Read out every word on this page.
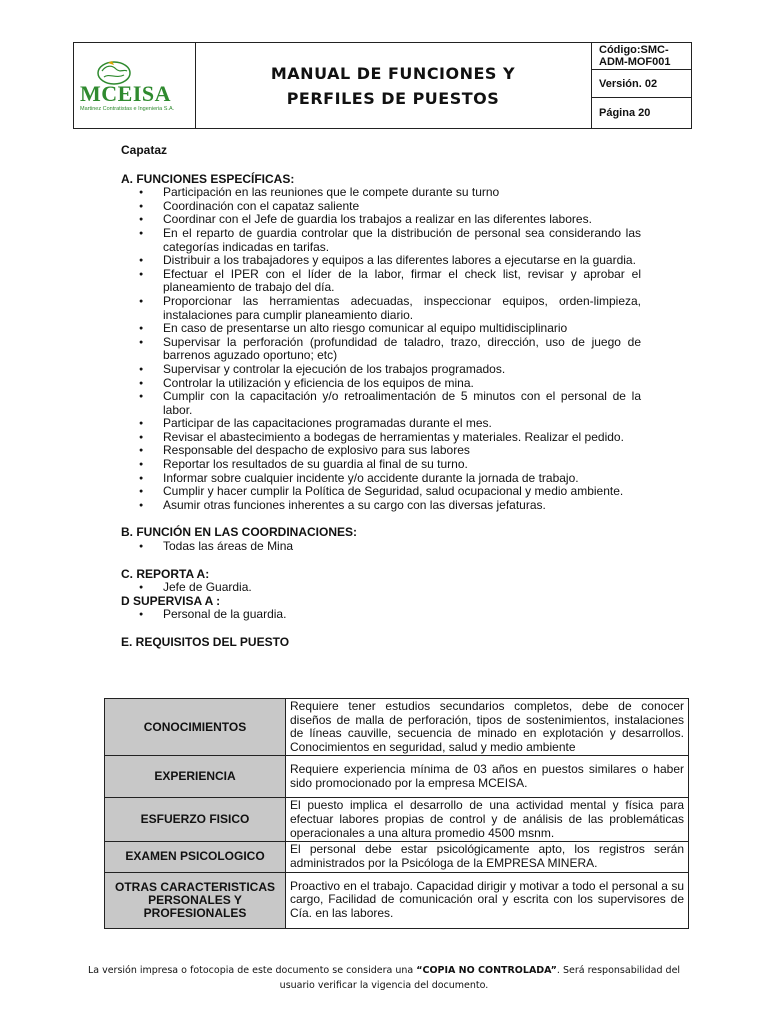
MCEISA
Martinez Contratistas e Ingenieria S.A.
MANUAL DE FUNCIONES Y PERFILES DE PUESTOS
Código:SMC-ADM-MOF001
Versión. 02
Página 20
Capataz
A. FUNCIONES ESPECÍFICAS:
● Participación en las reuniones que le compete durante su turno
● Coordinación con el capataz saliente
● Coordinar con el Jefe de guardia los trabajos a realizar en las diferentes labores.
● En el reparto de guardia controlar que la distribución de personal sea considerando las categorías indicadas en tarifas.
● Distribuir a los trabajadores y equipos a las diferentes labores a ejecutarse en la guardia.
● Efectuar el IPER con el líder de la labor, firmar el check list, revisar y aprobar el planeamiento de trabajo del día.
● Proporcionar las herramientas adecuadas, inspeccionar equipos, orden-limpieza, instalaciones para cumplir planeamiento diario.
● En caso de presentarse un alto riesgo comunicar al equipo multidisciplinario
● Supervisar la perforación (profundidad de taladro, trazo, dirección, uso de juego de barrenos aguzado oportuno; etc)
● Supervisar y controlar la ejecución de los trabajos programados.
● Controlar la utilización y eficiencia de los equipos de mina.
● Cumplir con la capacitación y/o retroalimentación de 5 minutos con el personal de la labor.
● Participar de las capacitaciones programadas durante el mes.
● Revisar el abastecimiento a bodegas de herramientas y materiales. Realizar el pedido.
● Responsable del despacho de explosivo para sus labores
● Reportar los resultados de su guardia al final de su turno.
● Informar sobre cualquier incidente y/o accidente durante la jornada de trabajo.
● Cumplir y hacer cumplir la Política de Seguridad, salud ocupacional y medio ambiente.
● Asumir otras funciones inherentes a su cargo con las diversas jefaturas.
B. FUNCIÓN EN LAS COORDINACIONES:
● Todas las áreas de Mina
C. REPORTA A:
● Jefe de Guardia.
D SUPERVISA A :
● Personal de la guardia.
E. REQUISITOS DEL PUESTO
CONOCIMIENTOS	Requiere tener estudios secundarios completos, debe de conocer diseños de malla de perforación, tipos de sostenimientos, instalaciones de líneas cauville, secuencia de minado en explotación y desarrollos. Conocimientos en seguridad, salud y medio ambiente
EXPERIENCIA	Requiere experiencia mínima de 03 años en puestos similares o haber sido promocionado por la empresa MCEISA.
ESFUERZO FISICO	El puesto implica el desarrollo de una actividad mental y física para efectuar labores propias de control y de análisis de las problemáticas operacionales a una altura promedio 4500 msnm.
EXAMEN PSICOLOGICO	El personal debe estar psicológicamente apto, los registros serán administrados por la Psicóloga de la EMPRESA MINERA.
OTRAS CARACTERISTICAS PERSONALES Y PROFESIONALES	Proactivo en el trabajo. Capacidad dirigir y motivar a todo el personal a su cargo, Facilidad de comunicación oral y escrita con los supervisores de Cía. en las labores.
La versión impresa o fotocopia de este documento se considera una “COPIA NO CONTROLADA”. Será responsabilidad del
usuario verificar la vigencia del documento.
